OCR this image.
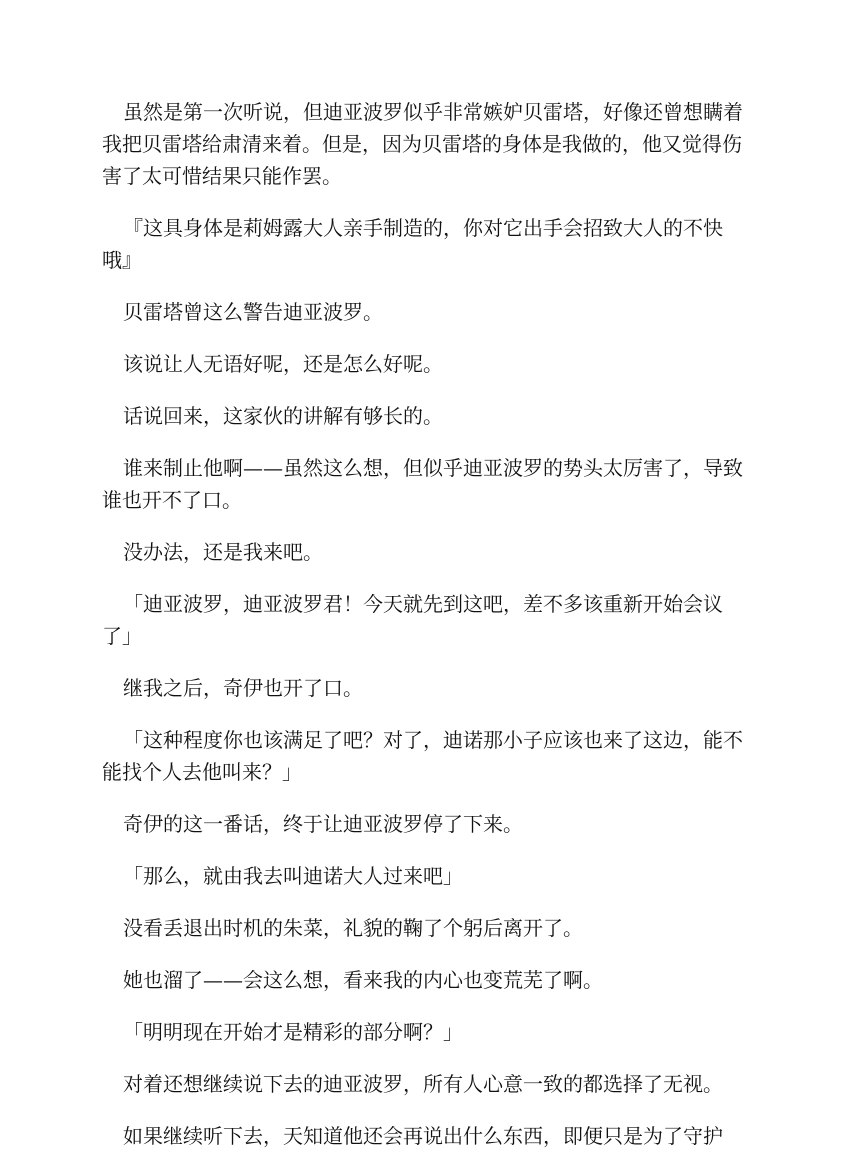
虽然是第一次听说，但迪亚波罗似乎非常嫉妒贝雷塔，好像还曾想瞒着我把贝雷塔给肃清来着。但是，因为贝雷塔的身体是我做的，他又觉得伤害了太可惜结果只能作罢。

『这具身体是莉姆露大人亲手制造的，你对它出手会招致大人的不快哦』

贝雷塔曾这么警告迪亚波罗。

该说让人无语好呢，还是怎么好呢。

话说回来，这家伙的讲解有够长的。

谁来制止他啊——虽然这么想，但似乎迪亚波罗的势头太厉害了，导致谁也开不了口。

没办法，还是我来吧。

「迪亚波罗，迪亚波罗君！今天就先到这吧，差不多该重新开始会议了」

继我之后，奇伊也开了口。

「这种程度你也该满足了吧？对了，迪诺那小子应该也来了这边，能不能找个人去他叫来？」

奇伊的这一番话，终于让迪亚波罗停了下来。

「那么，就由我去叫迪诺大人过来吧」

没看丢退出时机的朱菜，礼貌的鞠了个躬后离开了。

她也溜了——会这么想，看来我的内心也变荒芜了啊。

「明明现在开始才是精彩的部分啊？」

对着还想继续说下去的迪亚波罗，所有人心意一致的都选择了无视。

如果继续听下去，天知道他还会再说出什么东西，即便只是为了守护
